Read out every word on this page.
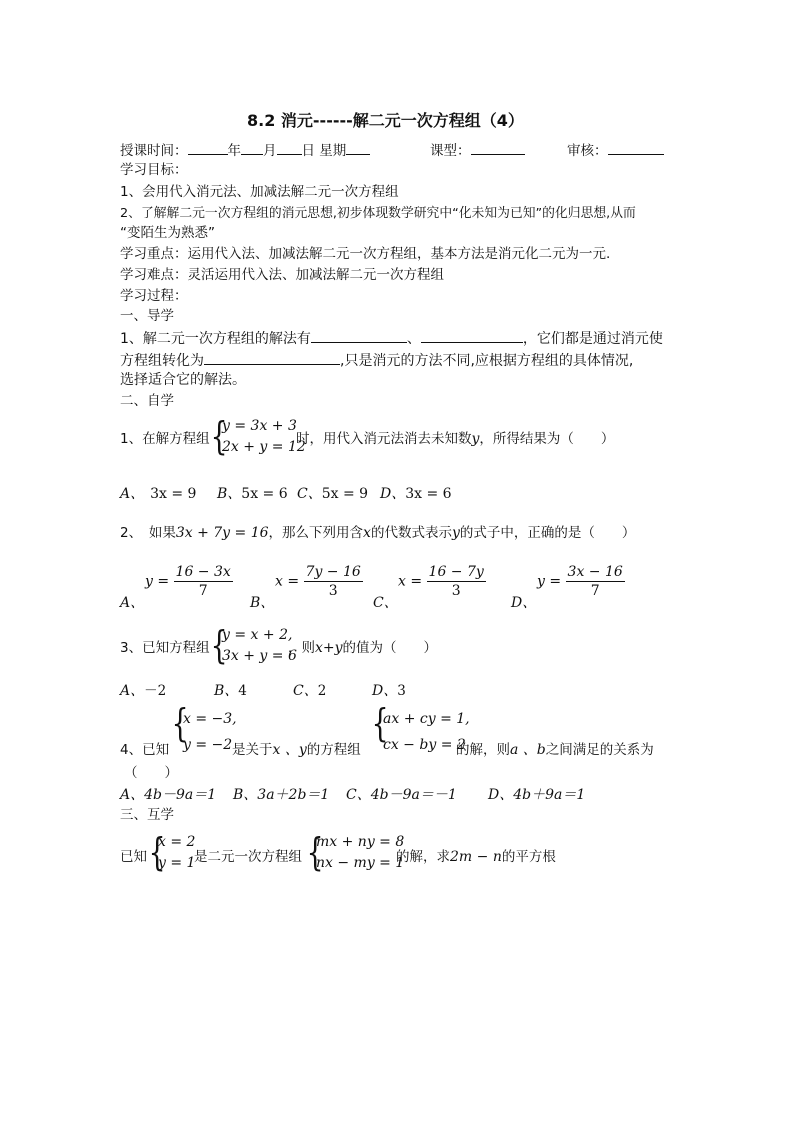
8.2 消元------解二元一次方程组（4）
授课时间：	年 月 日 星期	课型：	审核：
学习目标：
1、会用代入消元法、加减法解二元一次方程组
2、了解解二元一次方程组的消元思想,初步体现数学研究中“化未知为已知”的化归思想,从而
“变陌生为熟悉”
学习重点：运用代入法、加减法解二元一次方程组，基本方法是消元化二元为一元.
学习难点：灵活运用代入法、加减法解二元一次方程组
学习过程：
一、导学
1、解二元一次方程组的解法有	、	，它们都是通过消元使
方程组转化为	,只是消元的方法不同,应根据方程组的具体情况,
选择适合它的解法。
二、自学
1、在解方程组 {
y = 3x + 3
2x + y = 12
时，用代入消元法消去未知数y，所得结果为（　　）
A、 3x = 9 B、5x = 6 C、5x = 9 D、3x = 6
2、　如果3x + 7y = 16，那么下列用含x的代数式表示y的式子中，正确的是（　　）
A、
$y = \frac{16 - 3x}{7}$
B、
$x = \frac{7y - 16}{3}$
C、
$x = \frac{16 - 7y}{3}$
D、
$y = \frac{3x - 16}{7}$
3、已知方程组 {
y = x + 2,
3x + y = 6
，则x+y的值为（　　）
A、－2	B、4	C、2	D、3
4、已知
{
x = −3,
y = −2 是关于x 、y的方程组
{
ax + cy = 1,
cx − by = 2
的解，则a 、b之间满足的关系为
（　　）
A、4b－9a＝1 B、3a＋2b＝1 C、4b－9a＝－1 D、4b＋9a＝1
三、互学
已知 {
x = 2
y = 1
是二元一次方程组 {
mx + ny = 8
nx − my = 1
的解，求2m − n的平方根
